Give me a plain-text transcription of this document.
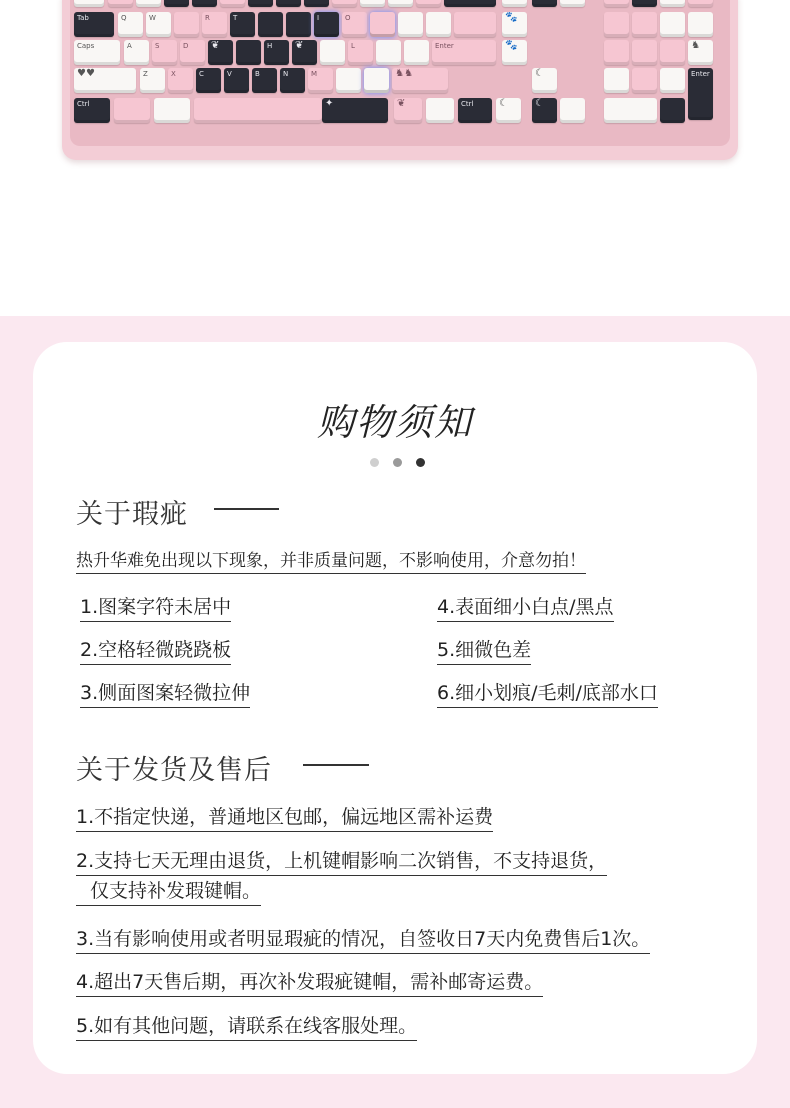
Tab	Q	W	R	T	I	O	🐾
Caps	A	S	D	❦	H	❦	L	Enter	🐾	♞
♥♥	Z	X	C	V	B	N	M	♞♞	☾	Enter
Ctrl	✦	❦	Ctrl	☾	☾
购物须知

关于瑕疵
热升华难免出现以下现象，并非质量问题，不影响使用，介意勿拍！
1.图案字符未居中
2.空格轻微跷跷板
3.侧面图案轻微拉伸
4.表面细小白点/黑点
5.细微色差
6.细小划痕/毛刺/底部水口
关于发货及售后
1.不指定快递，普通地区包邮，偏远地区需补运费
2.支持七天无理由退货，上机键帽影响二次销售，不支持退货，
仅支持补发瑕键帽。
3.当有影响使用或者明显瑕疵的情况，自签收日7天内免费售后1次。
4.超出7天售后期，再次补发瑕疵键帽，需补邮寄运费。
5.如有其他问题，请联系在线客服处理。
